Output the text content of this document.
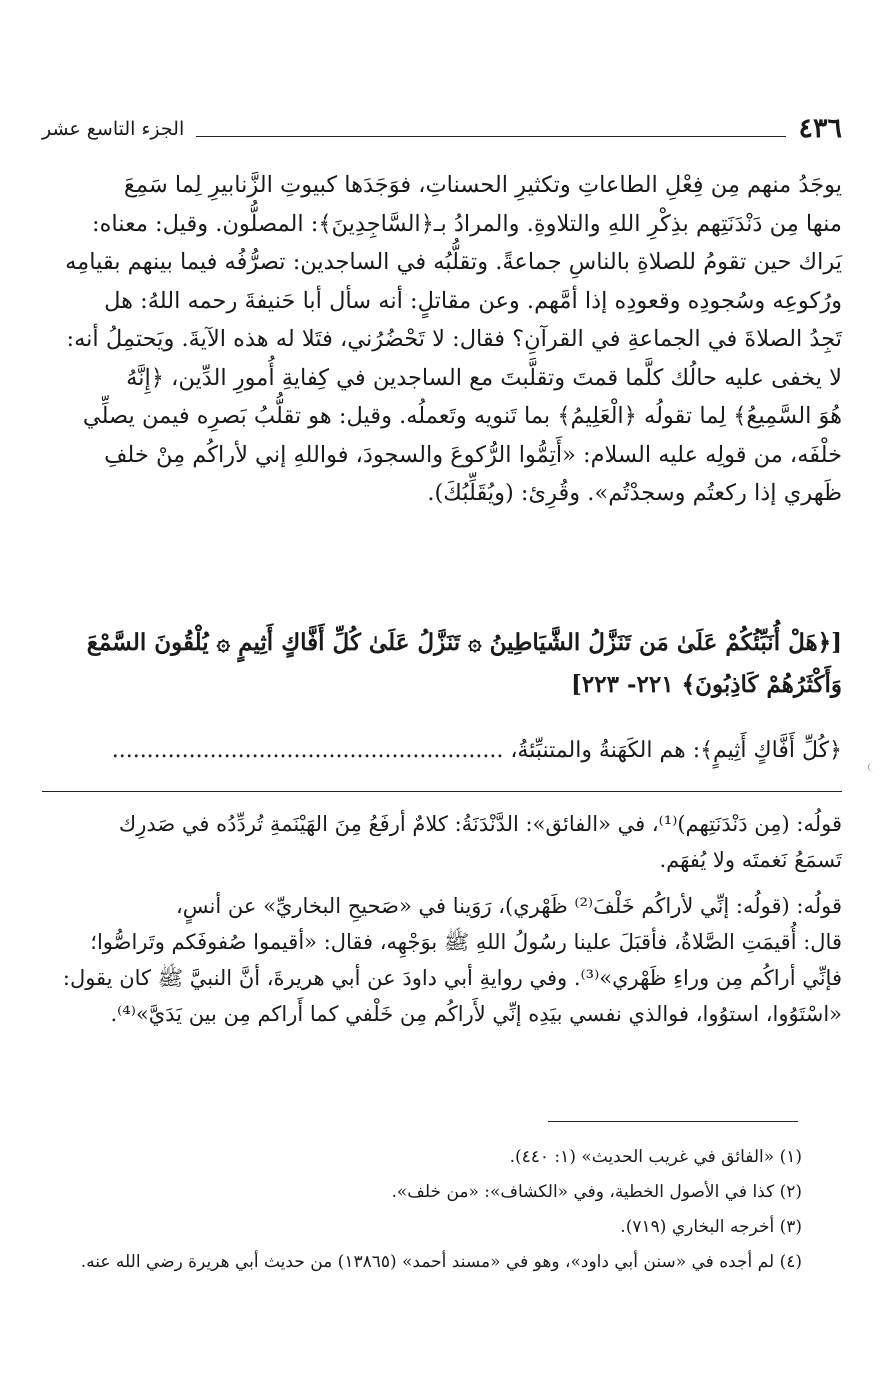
٤٣٦
الجزء التاسع عشر

يوجَدُ منهم مِن فِعْلِ الطاعاتِ وتكثيرِ الحسناتِ، فوَجَدَها كبيوتِ الزَّنابيرِ لِما سَمِعَ

منها مِن دَنْدَنَتِهم بذِكْرِ اللهِ والتلاوةِ. والمرادُ بـ﴿السَّاجِدِينَ﴾: المصلُّون. وقيل: معناه:

يَراك حين تقومُ للصلاةِ بالناسِ جماعةً. وتقلُّبُه في الساجدين: تصرُّفُه فيما بينهم بقيامِه

ورُكوعِه وسُجودِه وقعودِه إذا أمَّهم. وعن مقاتلٍ: أنه سأل أبا حَنيفةَ رحمه اللهُ: هل

تَجِدُ الصلاةَ في الجماعةِ في القرآنِ؟ فقال: لا تَحْضُرُني، فتَلا له هذه الآيةَ. ويَحتمِلُ أنه:

لا يخفى عليه حالُك كلَّما قمتَ وتقلَّبتَ مع الساجدين في كِفايةِ أُمورِ الدِّين، ﴿إِنَّهُ

هُوَ السَّمِيعُ﴾ لِما تقولُه ﴿الْعَلِيمُ﴾ بما تَنويه وتَعملُه. وقيل: هو تقلُّبُ بَصرِه فيمن يصلِّي

خلْفَه، من قولِه عليه السلام: «أَتِمُّوا الرُّكوعَ والسجودَ، فواللهِ إني لأراكُم مِنْ خلفِ

ظَهري إذا ركعتُم وسجدْتُم». وقُرِئ: (ويُقَلِّبُكَ).

[﴿هَلْ أُنَبِّئُكُمْ عَلَىٰ مَن تَنَزَّلُ الشَّيَاطِينُ ۞ تَنَزَّلُ عَلَىٰ كُلِّ أَفَّاكٍ أَثِيمٍ ۞ يُلْقُونَ السَّمْعَ
وَأَكْثَرُهُمْ كَاذِبُونَ﴾ ٢٢١- ٢٢٣]
﴿كُلِّ أَفَّاكٍ أَثِيمٍ﴾: هم الكَهَنةُ والمتنبِّئةُ، ........................................................

قولُه: (مِن دَنْدَنَتِهم)⁽¹⁾، في «الفائق»: الدَّنْدَنَةُ: كلامٌ أرفَعُ مِنَ الهَيْنَمةِ تُردِّدُه في صَدرِك

تَسمَعُ نَغمتَه ولا يُفهَم.

قولُه: (قولُه: إنِّي لأراكُم خَلْفَ⁽²⁾ ظَهْري)، رَوَينا في «صَحيحِ البخاريِّ» عن أنسٍ،

قال: أُقيمَتِ الصَّلاةُ، فأقبَلَ علينا رسُولُ اللهِ ﷺ بوَجْهِه، فقال: «أقيموا صُفوفَكم وتَراصُّوا؛

فإنِّي أراكُم مِن وراءِ ظَهْري»⁽³⁾. وفي روايةِ أبي داودَ عن أبي هريرةَ، أنَّ النبيَّ ﷺ كان يقول:

«اسْتَوُوا، استوُوا، فوالذي نفسي بيَدِه إنِّي لأَراكُم مِن خَلْفي كما أَراكم مِن بين يَدَيَّ»⁽⁴⁾.

(١) «الفائق في غريب الحديث» (١: ٤٤٠).
(٢) كذا في الأصول الخطية، وفي «الكشاف»: «من خلف».
(٣) أخرجه البخاري (٧١٩).
(٤) لم أجده في «سنن أبي داود»، وهو في «مسند أحمد» (١٣٨٦٥) من حديث أبي هريرة رضي الله عنه.
